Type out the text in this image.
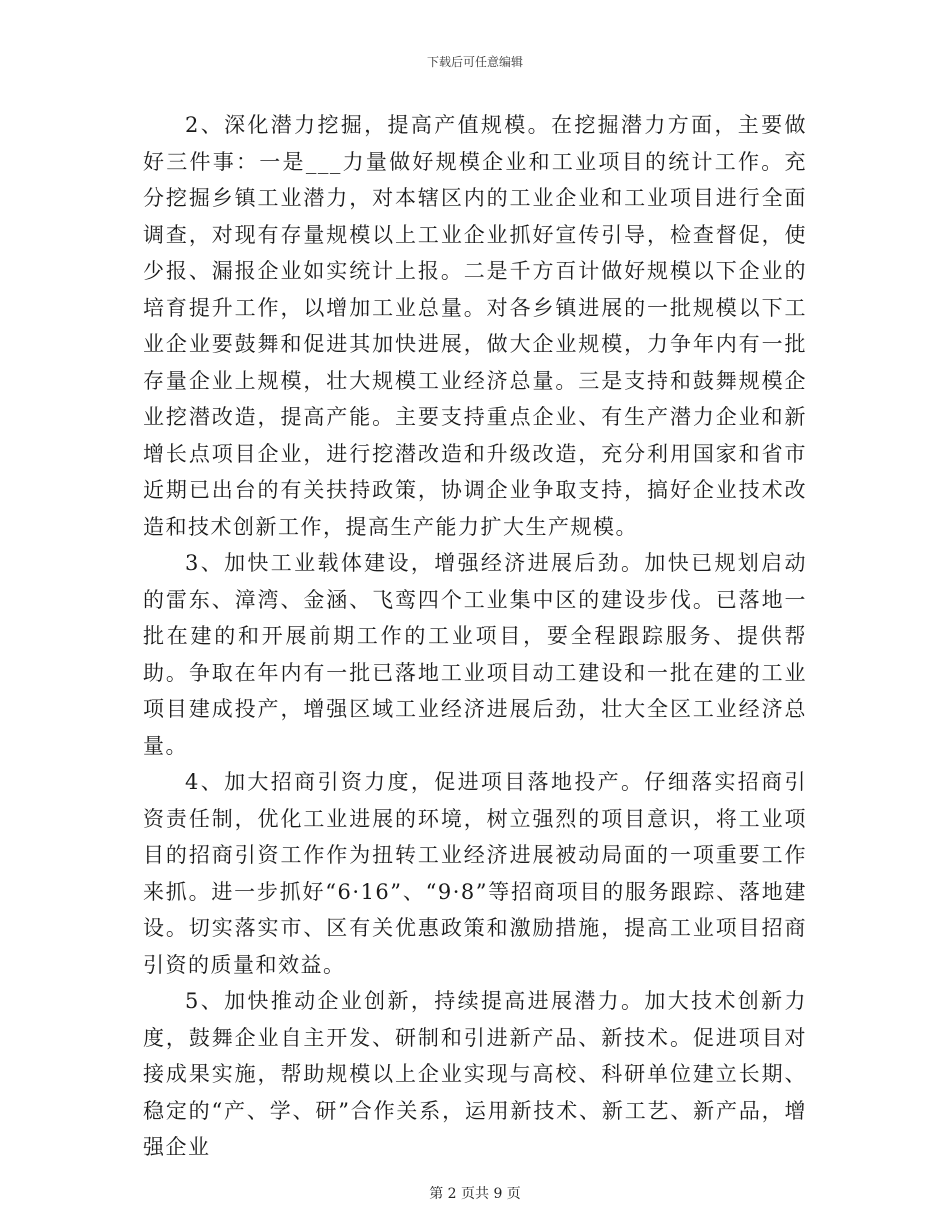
下载后可任意编辑

2、深化潜力挖掘，提高产值规模。在挖掘潜力方面，主要做好三件事：一是___力量做好规模企业和工业项目的统计工作。充分挖掘乡镇工业潜力，对本辖区内的工业企业和工业项目进行全面调查，对现有存量规模以上工业企业抓好宣传引导，检查督促，使少报、漏报企业如实统计上报。二是千方百计做好规模以下企业的培育提升工作，以增加工业总量。对各乡镇进展的一批规模以下工业企业要鼓舞和促进其加快进展，做大企业规模，力争年内有一批存量企业上规模，壮大规模工业经济总量。三是支持和鼓舞规模企业挖潜改造，提高产能。主要支持重点企业、有生产潜力企业和新增长点项目企业，进行挖潜改造和升级改造，充分利用国家和省市近期已出台的有关扶持政策，协调企业争取支持，搞好企业技术改造和技术创新工作，提高生产能力扩大生产规模。

3、加快工业载体建设，增强经济进展后劲。加快已规划启动的雷东、漳湾、金涵、飞鸾四个工业集中区的建设步伐。已落地一批在建的和开展前期工作的工业项目，要全程跟踪服务、提供帮助。争取在年内有一批已落地工业项目动工建设和一批在建的工业项目建成投产，增强区域工业经济进展后劲，壮大全区工业经济总量。

4、加大招商引资力度，促进项目落地投产。仔细落实招商引资责任制，优化工业进展的环境，树立强烈的项目意识，将工业项目的招商引资工作作为扭转工业经济进展被动局面的一项重要工作来抓。进一步抓好“6·16”、“9·8”等招商项目的服务跟踪、落地建设。切实落实市、区有关优惠政策和激励措施，提高工业项目招商引资的质量和效益。

5、加快推动企业创新，持续提高进展潜力。加大技术创新力度，鼓舞企业自主开发、研制和引进新产品、新技术。促进项目对接成果实施，帮助规模以上企业实现与高校、科研单位建立长期、稳定的“产、学、研”合作关系，运用新技术、新工艺、新产品，增强企业

第 2 页共 9 页
